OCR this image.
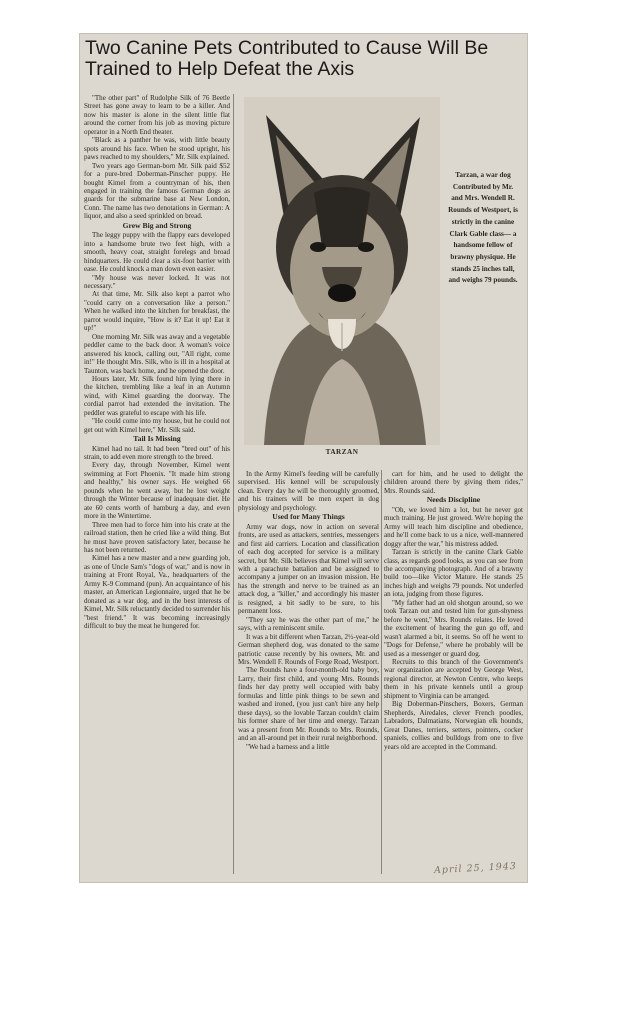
Two Canine Pets Contributed to Cause Will Be Trained to Help Defeat the Axis

"The other part" of Rudolphe Silk of 76 Beetle Street has gone away to learn to be a killer. And now his master is alone in the silent little flat around the corner from his job as moving picture operator in a North End theater.

"Black as a panther he was, with little beauty spots around his face. When he stood upright, his paws reached to my shoulders," Mr. Silk explained.

Two years ago German-born Mr. Silk paid $52 for a pure-bred Doberman-Pinscher puppy. He bought Kimel from a countryman of his, then engaged in training the famous German dogs as guards for the submarine base at New London, Conn. The name has two denotations in German: A liquor, and also a seed sprinkled on bread.

Grew Big and Strong

The leggy puppy with the flappy ears developed into a handsome brute two feet high, with a smooth, heavy coat, straight forelegs and broad hindquarters. He could clear a six-foot barrier with ease. He could knock a man down even easier.

"My house was never locked. It was not necessary."

At that time, Mr. Silk also kept a parrot who "could carry on a conversation like a person." When he walked into the kitchen for breakfast, the parrot would inquire, "How is it? Eat it up! Eat it up!"

One morning Mr. Silk was away and a vegetable peddler came to the back door. A woman's voice answered his knock, calling out, "All right, come in!" He thought Mrs. Silk, who is ill in a hospital at Taunton, was back home, and he opened the door.

Hours later, Mr. Silk found him lying there in the kitchen, trembling like a leaf in an Autumn wind, with Kimel guarding the doorway. The cordial parrot had extended the invitation. The peddler was grateful to escape with his life.

"He could come into my house, but he could not get out with Kimel here," Mr. Silk said.

Tail Is Missing

Kimel had no tail. It had been "bred out" of his strain, to add even more strength to the breed.

Every day, through November, Kimel went swimming at Fort Phoenix. "It made him strong and healthy," his owner says. He weighed 66 pounds when he went away, but he lost weight through the Winter because of inadequate diet. He ate 60 cents worth of hamburg a day, and even more in the Wintertime.

Three men had to force him into his crate at the railroad station, then he cried like a wild thing. But he must have proven satisfactory later, because he has not been returned.

Kimel has a new master and a new guarding job, as one of Uncle Sam's "dogs of war," and is now in training at Front Royal, Va., headquarters of the Army K-9 Command (pun). An acquaintance of his master, an American Legionnaire, urged that he be donated as a war dog, and in the best interests of Kimel, Mr. Silk reluctantly decided to surrender his "best friend." It was becoming increasingly difficult to buy the meat he hungered for.

TARZAN

Tarzan, a war dog Contributed by Mr. and Mrs. Wendell R. Rounds of Westport, is strictly in the canine Clark Gable class— a handsome fellow of brawny physique. He stands 25 inches tall, and weighs 79 pounds.

In the Army Kimel's feeding will be carefully supervised. His kennel will be scrupulously clean. Every day he will be thoroughly groomed, and his trainers will be men expert in dog physiology and psychology.

Used for Many Things

Army war dogs, now in action on several fronts, are used as attackers, sentries, messengers and first aid carriers. Location and classification of each dog accepted for service is a military secret, but Mr. Silk believes that Kimel will serve with a parachute battalion and be assigned to accompany a jumper on an invasion mission. He has the strength and nerve to be trained as an attack dog, a "killer," and accordingly his master is resigned, a bit sadly to be sure, to his permanent loss.

"They say he was the other part of me," he says, with a reminiscent smile.

It was a bit different when Tarzan, 2½-year-old German shepherd dog, was donated to the same patriotic cause recently by his owners, Mr. and Mrs. Wendell F. Rounds of Forge Road, Westport.

The Rounds have a four-month-old baby boy, Larry, their first child, and young Mrs. Rounds finds her day pretty well occupied with baby formulas and little pink things to be sewn and washed and ironed, (you just can't hire any help these days), so the lovable Tarzan couldn't claim his former share of her time and energy. Tarzan was a present from Mr. Rounds to Mrs. Rounds, and an all-around pet in their rural neighborhood.

"We had a harness and a little

cart for him, and he used to delight the children around there by giving them rides," Mrs. Rounds said.

Needs Discipline

"Oh, we loved him a lot, but he never got much training. He just growed. We're hoping the Army will teach him discipline and obedience, and he'll come back to us a nice, well-mannered doggy after the war," his mistress added.

Tarzan is strictly in the canine Clark Gable class, as regards good looks, as you can see from the accompanying photograph. And of a brawny build too—like Victor Mature. He stands 25 inches high and weighs 79 pounds. Not underfed an iota, judging from those figures.

"My father had an old shotgun around, so we took Tarzan out and tested him for gun-shyness before he went," Mrs. Rounds relates. He loved the excitement of hearing the gun go off, and wasn't alarmed a bit, it seems. So off he went to "Dogs for Defense," where he probably will be used as a messenger or guard dog.

Recruits to this branch of the Government's war organization are accepted by George West, regional director, at Newton Centre, who keeps them in his private kennels until a group shipment to Virginia can be arranged.

Big Doberman-Pinschers, Boxers, German Shepherds, Airedales, clever French poodles, Labradors, Dalmatians, Norwegian elk hounds, Great Danes, terriers, setters, pointers, cocker spaniels, collies and bulldogs from one to five years old are accepted in the Command.

April 25, 1943
